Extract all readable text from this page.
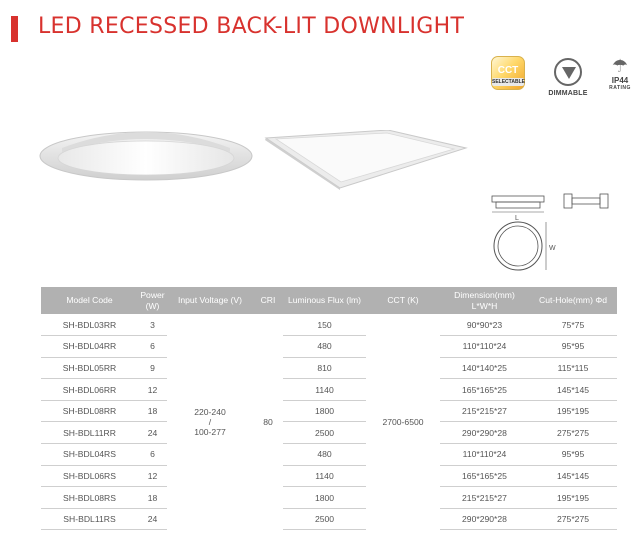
LED RECESSED BACK-LIT DOWNLIGHT
CCT
SELECTABLE
DIMMABLE
☂
IP44
RATING
L
W
Model Code	Power (W)	Input Voltage (V)	CRI	Luminous Flux (lm)	CCT (K)	Dimension(mm) L*W*H	Cut-Hole(mm) Φd
SH-BDL03RR	3	220-240
/
100-277	80	150	2700-6500	90*90*23	75*75
SH-BDL04RR	6			480		110*110*24	95*95
SH-BDL05RR	9			810		140*140*25	115*115
SH-BDL06RR	12			1140		165*165*25	145*145
SH-BDL08RR	18			1800		215*215*27	195*195
SH-BDL11RR	24			2500		290*290*28	275*275
SH-BDL04RS	6			480		110*110*24	95*95
SH-BDL06RS	12			1140		165*165*25	145*145
SH-BDL08RS	18			1800		215*215*27	195*195
SH-BDL11RS	24			2500		290*290*28	275*275
